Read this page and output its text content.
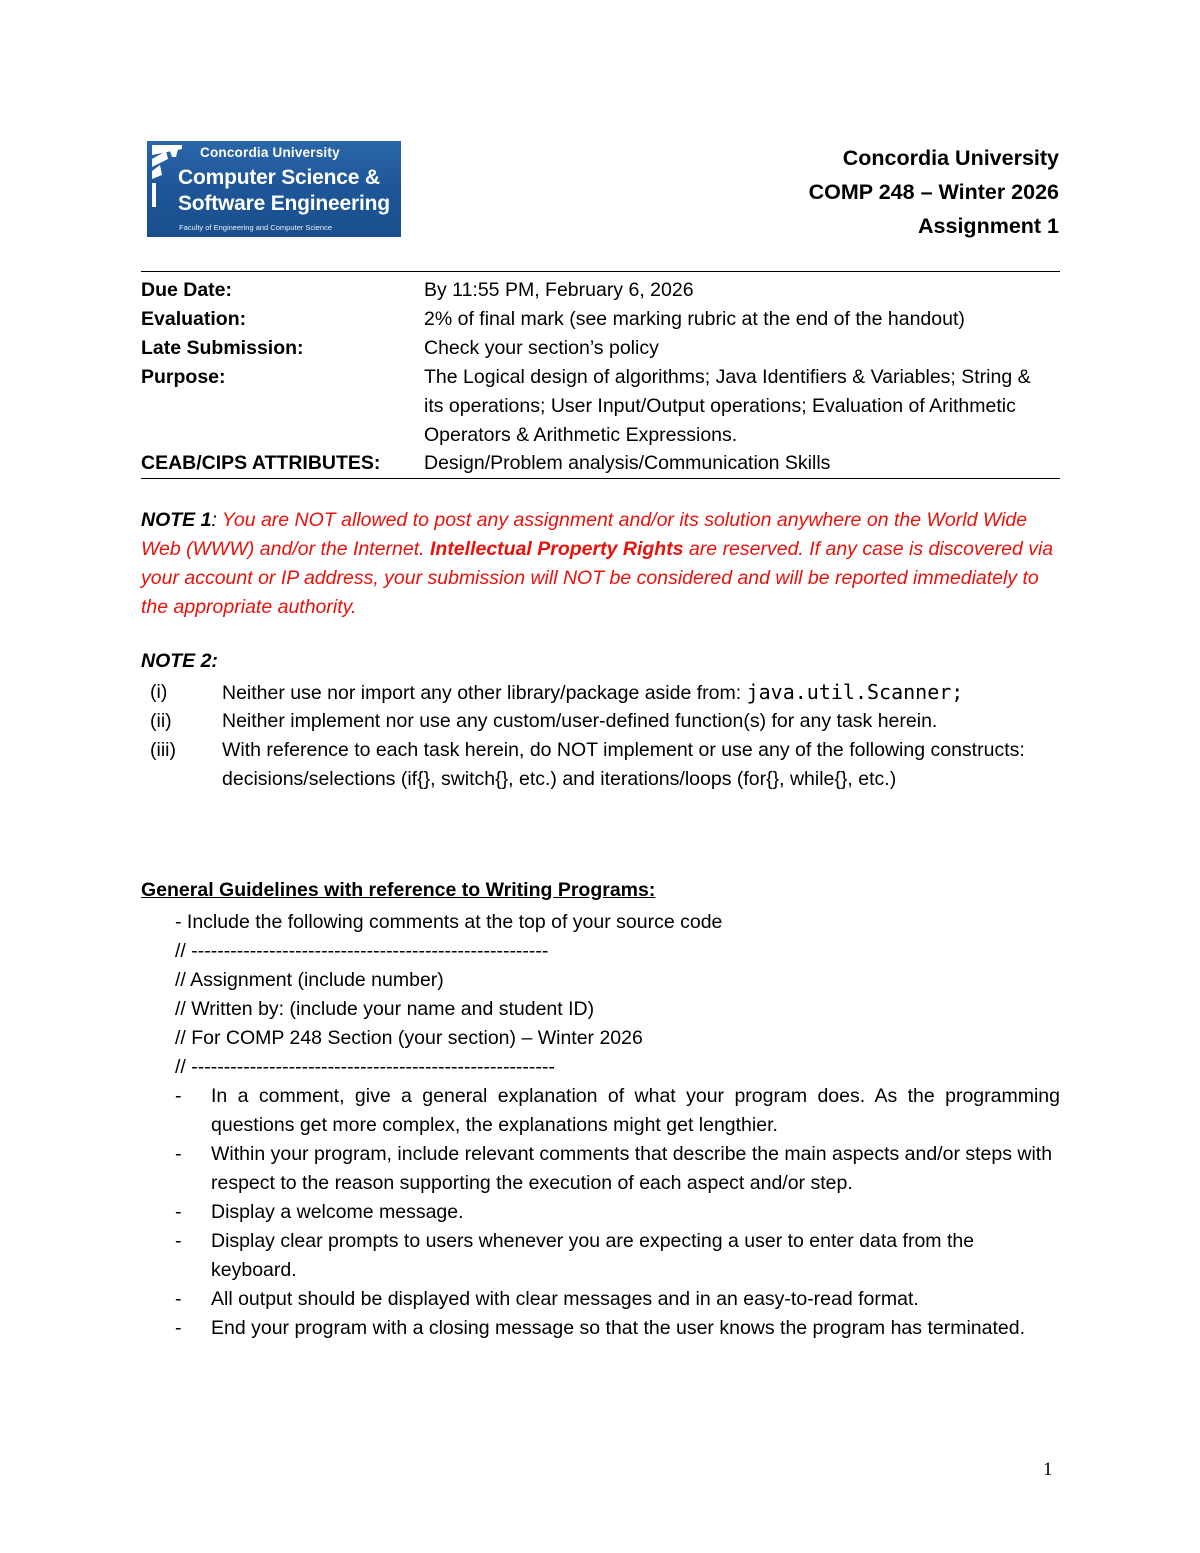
Concordia University
Computer Science &
Software Engineering
Faculty of Engineering and Computer Science
Concordia University
COMP 248 – Winter 2026
Assignment 1
Due Date:	By 11:55 PM, February 6, 2026
Evaluation:	2% of final mark (see marking rubric at the end of the handout)
Late Submission:	Check your section’s policy
Purpose:	The Logical design of algorithms; Java Identifiers & Variables; String & its operations; User Input/Output operations; Evaluation of Arithmetic Operators & Arithmetic Expressions.
CEAB/CIPS ATTRIBUTES: Design/Problem analysis/Communication Skills
NOTE 1: You are NOT allowed to post any assignment and/or its solution anywhere on the World Wide Web (WWW) and/or the Internet. Intellectual Property Rights are reserved. If any case is discovered via your account or IP address, your submission will NOT be considered and will be reported immediately to the appropriate authority.
NOTE 2:
(i)	Neither use nor import any other library/package aside from: java.util.Scanner;
(ii)	Neither implement nor use any custom/user-defined function(s) for any task herein.
(iii) With reference to each task herein, do NOT implement or use any of the following constructs: decisions/selections (if{}, switch{}, etc.) and iterations/loops (for{}, while{}, etc.)
General Guidelines with reference to Writing Programs:
- Include the following comments at the top of your source code
// -------------------------------------------------------
// Assignment (include number)
// Written by: (include your name and student ID)
// For COMP 248 Section (your section) – Winter 2026
// --------------------------------------------------------
- In a comment, give a general explanation of what your program does. As the programming questions get more complex, the explanations might get lengthier.
- Within your program, include relevant comments that describe the main aspects and/or steps with respect to the reason supporting the execution of each aspect and/or step.
- Display a welcome message.
- Display clear prompts to users whenever you are expecting a user to enter data from the keyboard.
- All output should be displayed with clear messages and in an easy-to-read format.
- End your program with a closing message so that the user knows the program has terminated.
1
